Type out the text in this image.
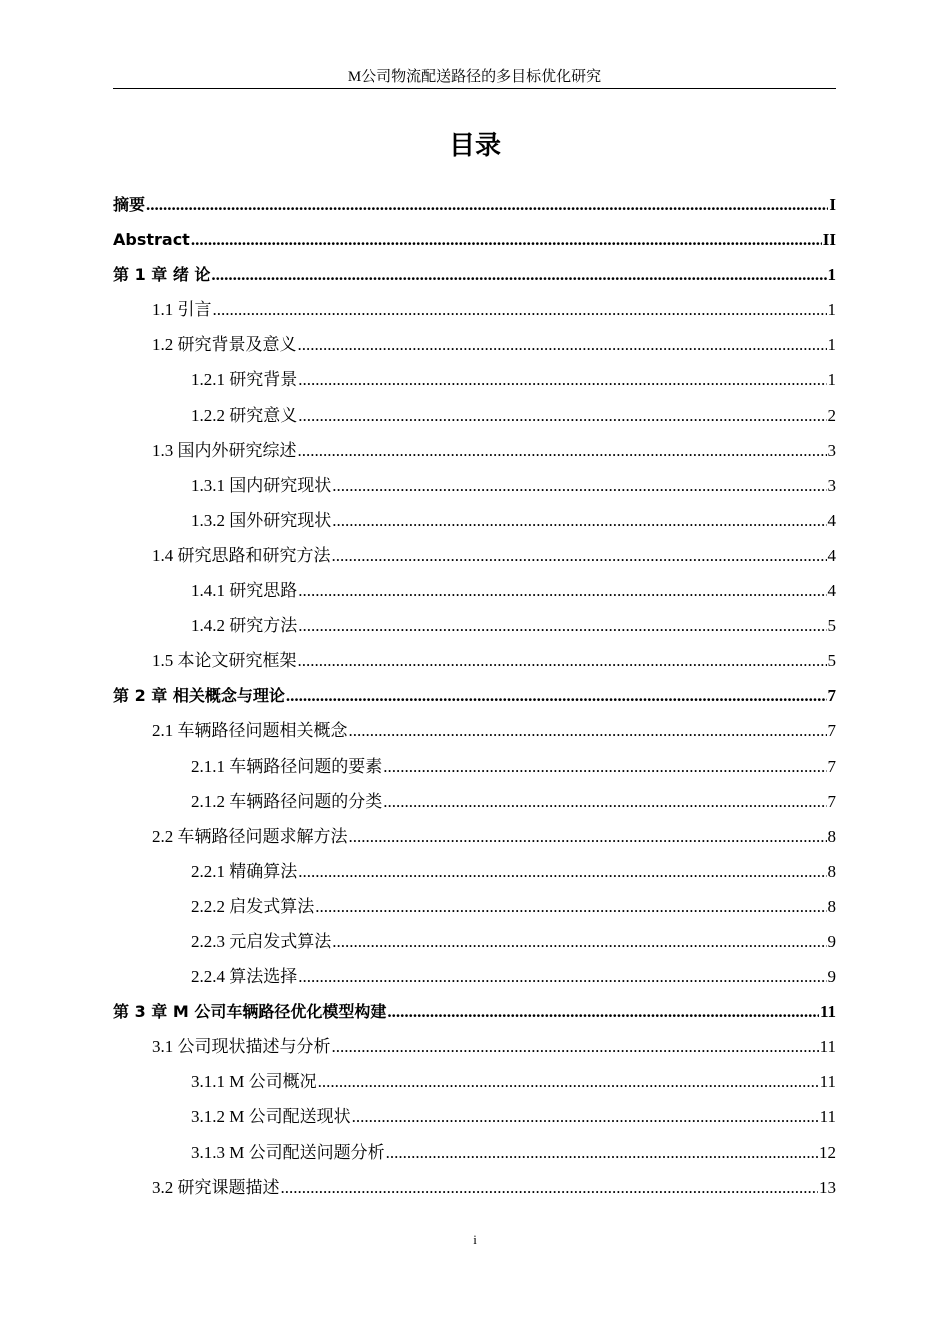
M公司物流配送路径的多目标优化研究
目录
摘要 .....	I
Abstract .....	II
第 1 章 绪 论 .....	1
1.1 引言 .....	1
1.2 研究背景及意义 .....	1
1.2.1 研究背景 .....	1
1.2.2 研究意义 .....	2
1.3 国内外研究综述 .....	3
1.3.1 国内研究现状 .....	3
1.3.2 国外研究现状 .....	4
1.4 研究思路和研究方法 .....	4
1.4.1 研究思路 .....	4
1.4.2 研究方法 .....	5
1.5 本论文研究框架 .....	5
第 2 章 相关概念与理论 .....	7
2.1 车辆路径问题相关概念 .....	7
2.1.1 车辆路径问题的要素 .....	7
2.1.2 车辆路径问题的分类 .....	7
2.2 车辆路径问题求解方法 .....	8
2.2.1 精确算法 .....	8
2.2.2 启发式算法 .....	8
2.2.3 元启发式算法 .....	9
2.2.4 算法选择 .....	9
第 3 章 M 公司车辆路径优化模型构建 .....	11
3.1 公司现状描述与分析 .....	11
3.1.1 M 公司概况 .....	11
3.1.2 M 公司配送现状 .....	11
3.1.3 M 公司配送问题分析 .....	12
3.2 研究课题描述 .....	13
i
